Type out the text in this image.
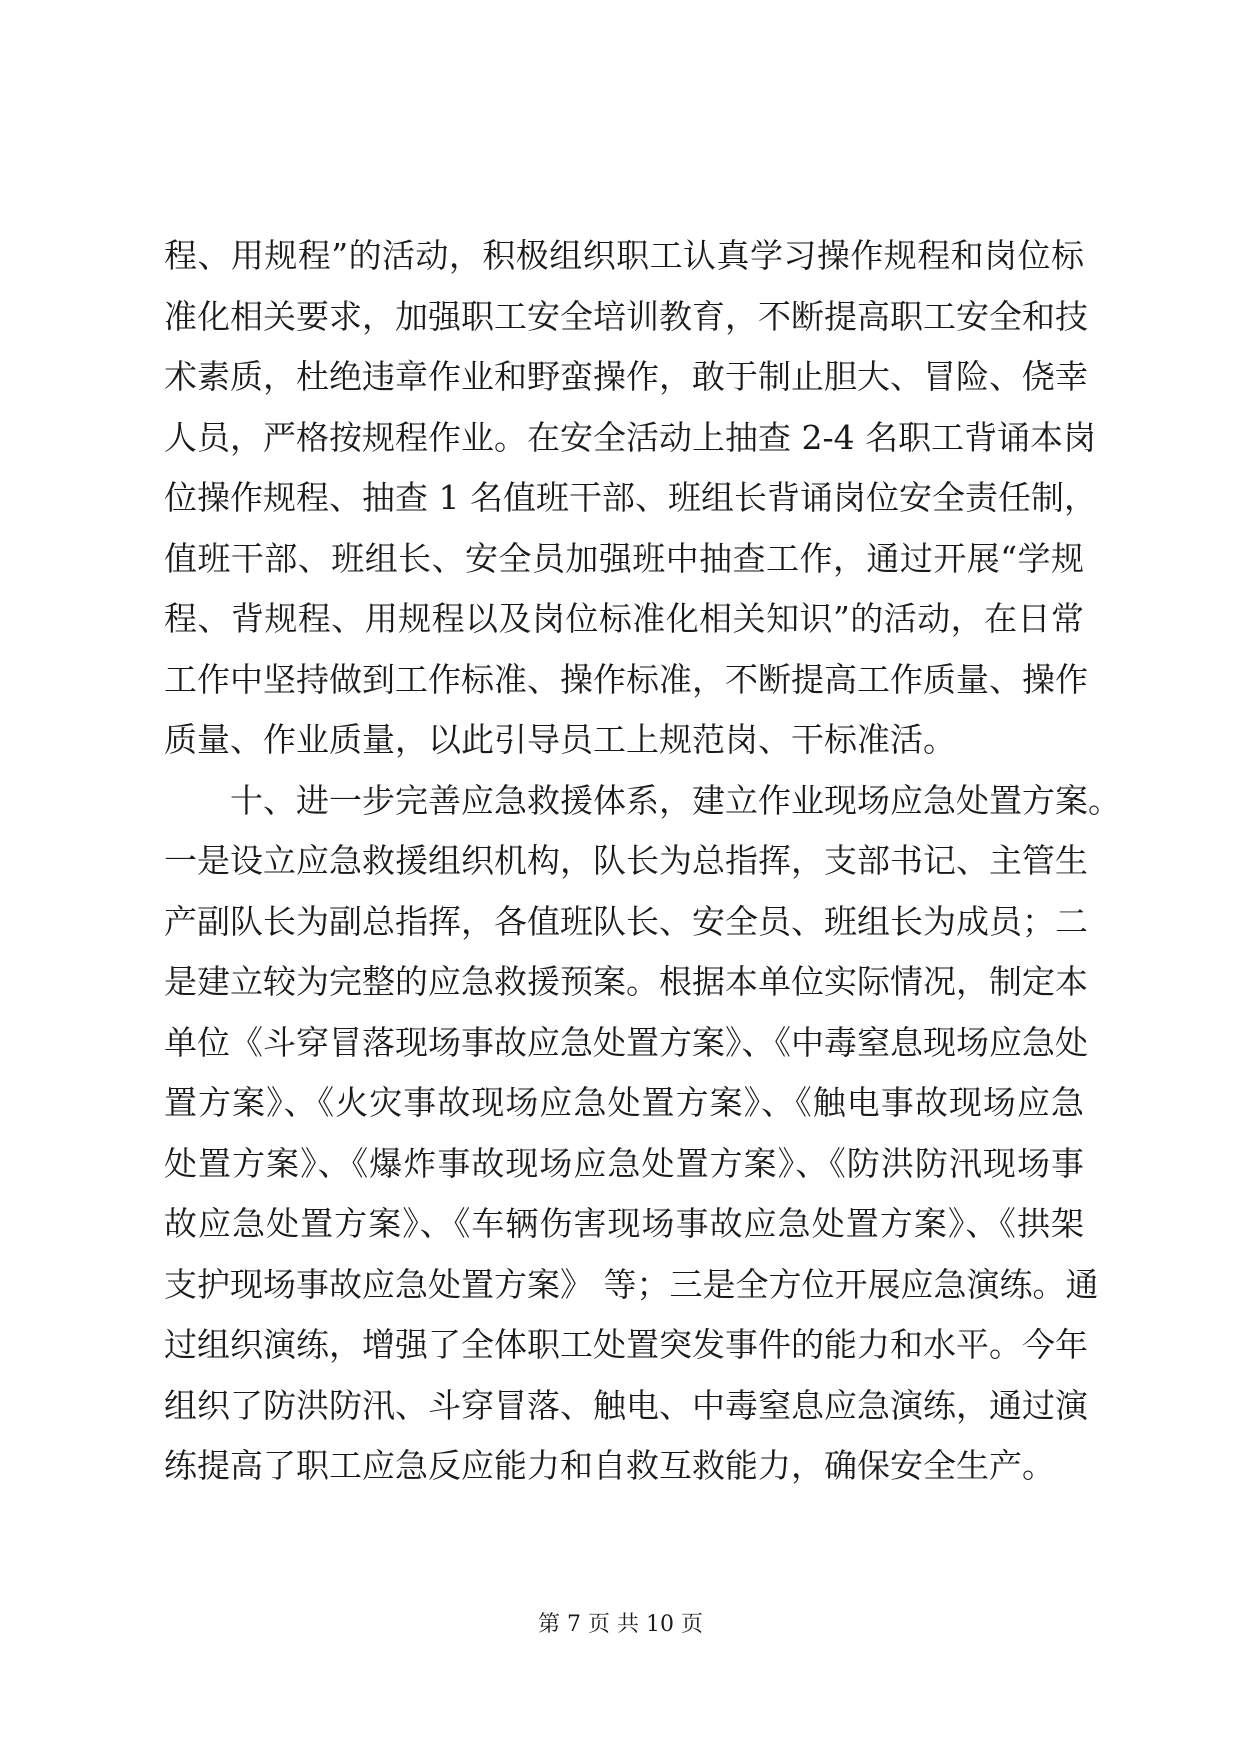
程、用规程”的活动，积极组织职工认真学习操作规程和岗位标
准化相关要求，加强职工安全培训教育，不断提高职工安全和技
术素质，杜绝违章作业和野蛮操作，敢于制止胆大、冒险、侥幸
人员，严格按规程作业。在安全活动上抽查 2-4 名职工背诵本岗
位操作规程、抽查 1 名值班干部、班组长背诵岗位安全责任制，
值班干部、班组长、安全员加强班中抽查工作，通过开展“学规
程、背规程、用规程以及岗位标准化相关知识”的活动，在日常
工作中坚持做到工作标准、操作标准，不断提高工作质量、操作
质量、作业质量，以此引导员工上规范岗、干标准活。
　　十、进一步完善应急救援体系，建立作业现场应急处置方案。
一是设立应急救援组织机构，队长为总指挥，支部书记、主管生
产副队长为副总指挥，各值班队长、安全员、班组长为成员；二
是建立较为完整的应急救援预案。根据本单位实际情况，制定本
单位《斗穿冒落现场事故应急处置方案》、《中毒窒息现场应急处
置方案》、《火灾事故现场应急处置方案》、《触电事故现场应急
处置方案》、《爆炸事故现场应急处置方案》、《防洪防汛现场事
故应急处置方案》、《车辆伤害现场事故应急处置方案》、《拱架
支护现场事故应急处置方案》 等；三是全方位开展应急演练。通
过组织演练，增强了全体职工处置突发事件的能力和水平。今年
组织了防洪防汛、斗穿冒落、触电、中毒窒息应急演练，通过演
练提高了职工应急反应能力和自救互救能力，确保安全生产。
第 7 页 共 10 页
